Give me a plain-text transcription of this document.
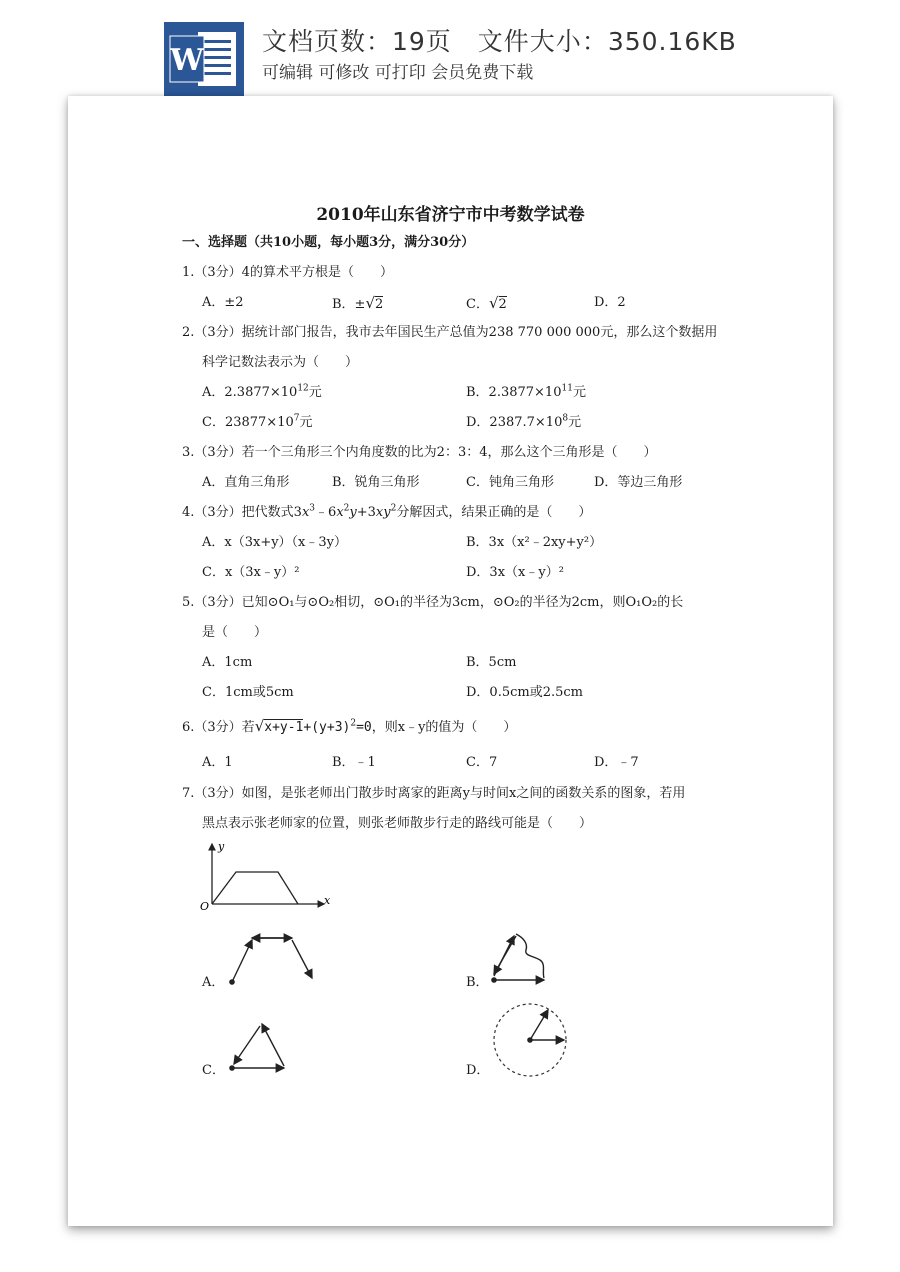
W
文档页数：19页　文件大小：350.16KB
可编辑 可修改 可打印 会员免费下载
2010年山东省济宁市中考数学试卷
一、选择题（共10小题，每小题3分，满分30分）
1.（3分）4的算术平方根是（　　）
A．±2	B．±√2	C．√2	D．2
2.（3分）据统计部门报告，我市去年国民生产总值为238 770 000 000元，那么这个数据用
科学记数法表示为（　　）
A．$2.3877\times 10^{12}$元	B．$2.3877\times 10^{11}$元
C．$23877\times 10^7$元	D．$2387.7\times 10^8$元
3.（3分）若一个三角形三个内角度数的比为2：3：4，那么这个三角形是（　　）
A．直角三角形	B．锐角三角形	C．钝角三角形	D．等边三角形
4.（3分）把代数式$3x^3﹣6x^2y+3xy^2$分解因式，结果正确的是（　　）
A．x（3x+y）（x﹣3y）	B．3x（x²﹣2xy+y²）
C．x（3x﹣y）²	D．3x（x﹣y）²
5.（3分）已知⊙O₁与⊙O₂相切，⊙O₁的半径为3cm，⊙O₂的半径为2cm，则O₁O₂的长
是（　　）
A．1cm	B．5cm
C．1cm或5cm	D．0.5cm或2.5cm
6.（3分）若$√x+y-1+(y+3)^2=0$，则x﹣y的值为（　　）
A．1	B．﹣1	C．7	D．﹣7
7.（3分）如图，是张老师出门散步时离家的距离y与时间x之间的函数关系的图象，若用
黑点表示张老师家的位置，则张老师散步行走的路线可能是（　　）
y
x
O
A．	B．
C．	D．
